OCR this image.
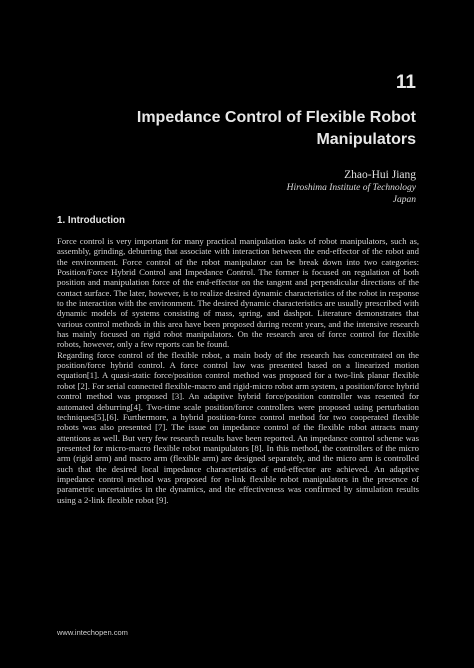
11
Impedance Control of Flexible Robot Manipulators
Zhao-Hui Jiang
Hiroshima Institute of Technology
Japan
1. Introduction

Force control is very important for many practical manipulation tasks of robot manipulators, such as, assembly, grinding, deburring that associate with interaction between the end-effector of the robot and the environment. Force control of the robot manipulator can be break down into two categories: Position/Force Hybrid Control and Impedance Control. The former is focused on regulation of both position and manipulation force of the end-effector on the tangent and perpendicular directions of the contact surface. The later, however, is to realize desired dynamic characteristics of the robot in response to the interaction with the environment. The desired dynamic characteristics are usually prescribed with dynamic models of systems consisting of mass, spring, and dashpot. Literature demonstrates that various control methods in this area have been proposed during recent years, and the intensive research has mainly focused on rigid robot manipulators. On the research area of force control for flexible robots, however, only a few reports can be found.

Regarding force control of the flexible robot, a main body of the research has concentrated on the position/force hybrid control. A force control law was presented based on a linearized motion equation[1]. A quasi-static force/position control method was proposed for a two-link planar flexible robot [2]. For serial connected flexible-macro and rigid-micro robot arm system, a position/force hybrid control method was proposed [3]. An adaptive hybrid force/position controller was resented for automated deburring[4]. Two-time scale position/force controllers were proposed using perturbation techniques[5],[6]. Furthermore, a hybrid position-force control method for two cooperated flexible robots was also presented [7]. The issue on impedance control of the flexible robot attracts many attentions as well. But very few research results have been reported. An impedance control scheme was presented for micro-macro flexible robot manipulators [8]. In this method, the controllers of the micro arm (rigid arm) and macro arm (flexible arm) are designed separately, and the micro arm is controlled such that the desired local impedance characteristics of end-effector are achieved. An adaptive impedance control method was proposed for n-link flexible robot manipulators in the presence of parametric uncertainties in the dynamics, and the effectiveness was confirmed by simulation results using a 2-link flexible robot [9].

www.intechopen.com
